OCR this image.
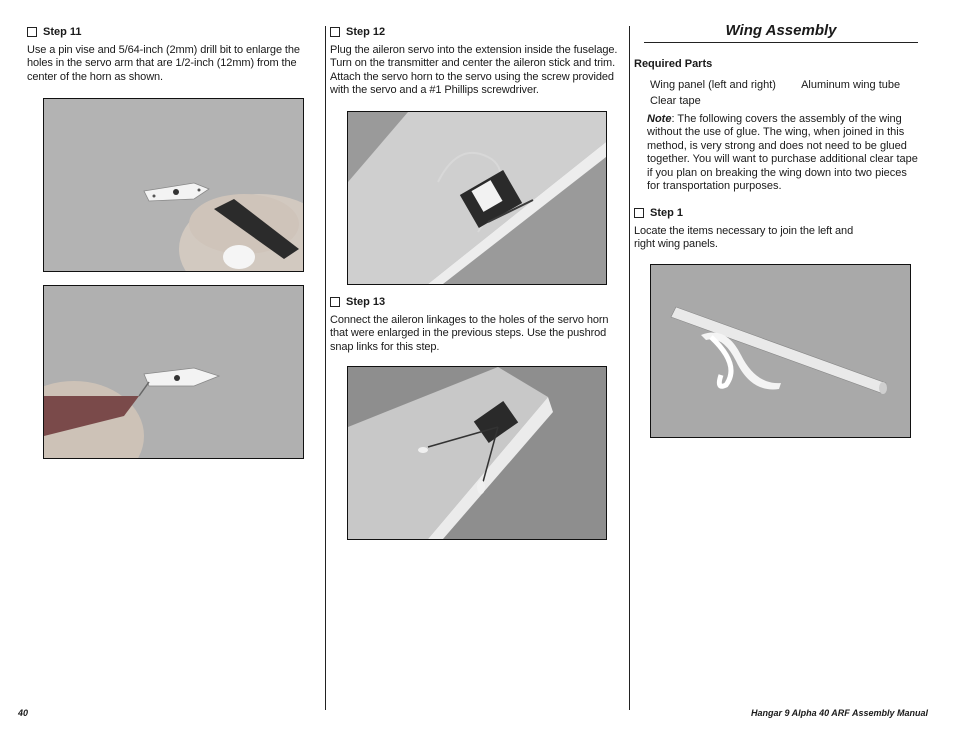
Step 11

Use a pin vise and 5/64-inch (2mm) drill bit to enlarge the holes in the servo arm that are 1/2-inch (12mm) from the center of the horn as shown.

Step 12

Plug the aileron servo into the extension inside the fuselage. Turn on the transmitter and center the aileron stick and trim. Attach the servo horn to the servo using the screw provided with the servo and a #1 Phillips screwdriver.

Step 13

Connect the aileron linkages to the holes of the servo horn that were enlarged in the previous steps. Use the pushrod snap links for this step.

Wing Assembly
Required Parts
Wing panel (left and right) Aluminum wing tube
Clear tape
Note: The following covers the assembly of the wing without the use of glue. The wing, when joined in this method, is very strong and does not need to be glued together. You will want to purchase additional clear tape if you plan on breaking the wing down into two pieces for transportation purposes.
Step 1

Locate the items necessary to join the left and right wing panels.

40	Hangar 9 Alpha 40 ARF Assembly Manual
